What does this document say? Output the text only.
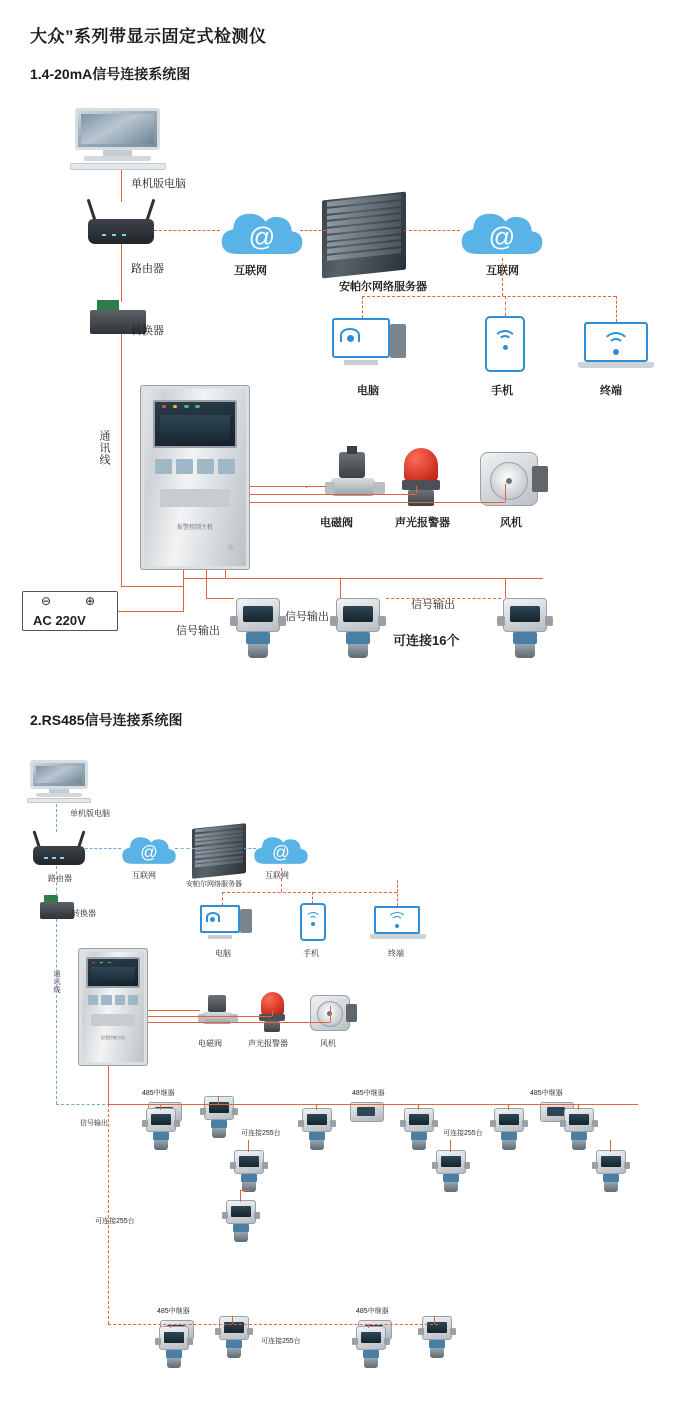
大众”系列带显示固定式检测仪
1.4-20mA信号连接系统图
单机版电脑
路由器
转换器
@
互联网
安帕尔网络服务器
@
互联网
电脑	手机	终端
报警控制主机
通讯线
电磁阀	声光报警器	风机
⊖	⊕
AC 220V
信号输出
信号输出
信号输出
可连接16个
2.RS485信号连接系统图
单机版电脑
路由器
转换器
@
互联网
安帕尔网络服务器
@
互联网
电脑	手机	终端
报警控制主机
通讯线
电磁阀	声光报警器	风机
485中继器	485中继器	485中继器
485中继器	485中继器
信号输出
可连接255台	可连接255台
可连接255台
可连接255台
